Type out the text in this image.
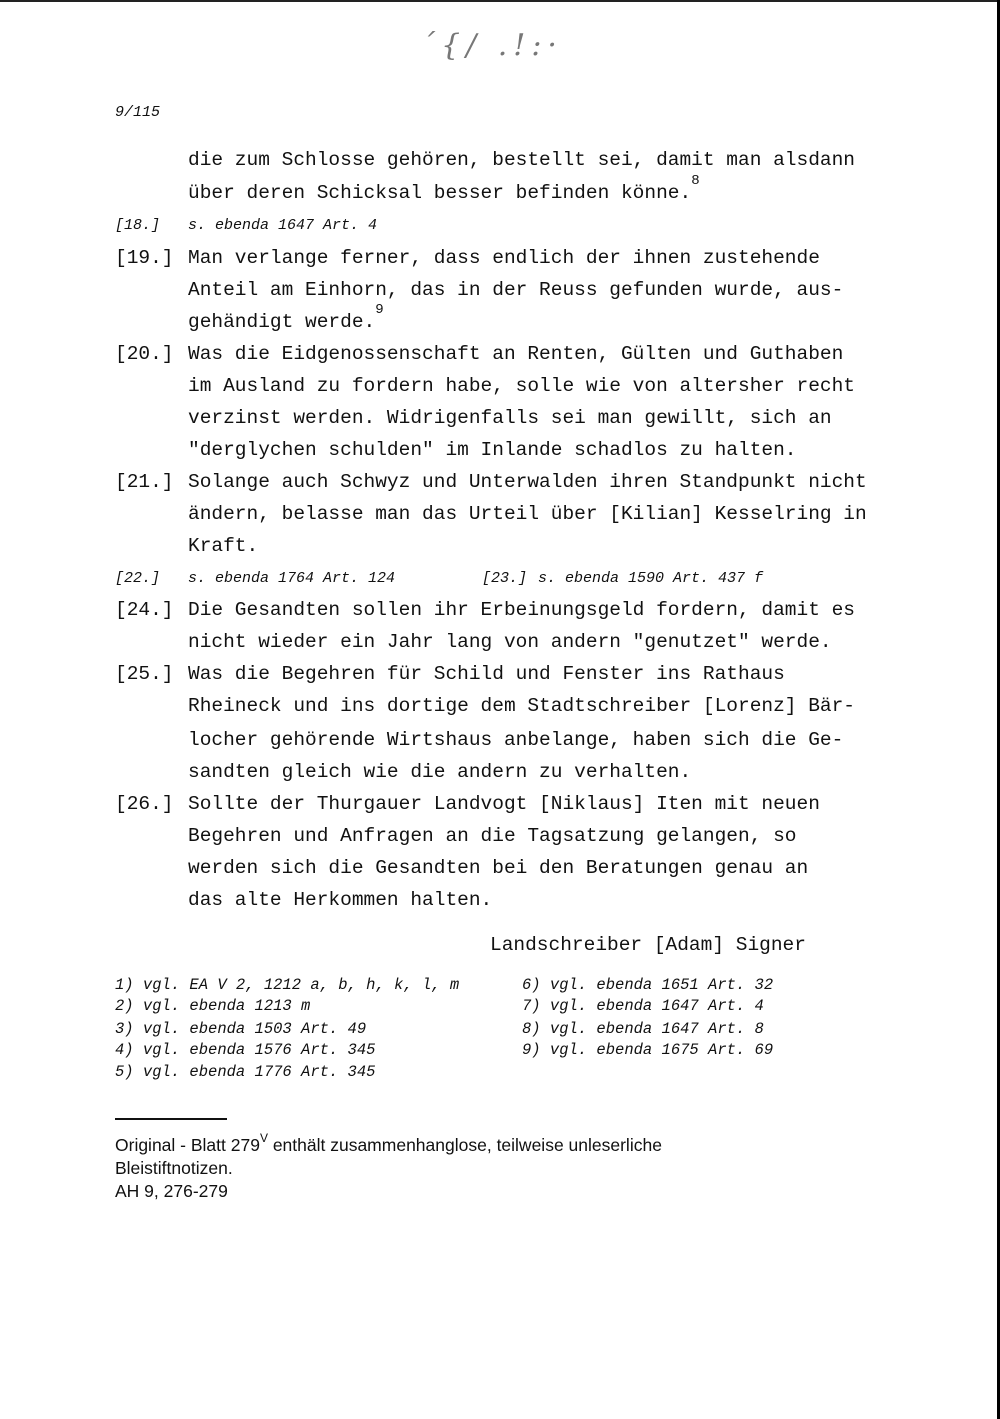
´{/ .!:·
9/115
die zum Schlosse gehören, bestellt sei, damit man alsdann
über deren Schicksal besser befinden könne.$^8$
[18.] s. ebenda 1647 Art. 4
[19.] Man verlange ferner, dass endlich der ihnen zustehende
Anteil am Einhorn, das in der Reuss gefunden wurde, aus-
gehändigt werde.$^9$
[20.] Was die Eidgenossenschaft an Renten, Gülten und Guthaben
im Ausland zu fordern habe, solle wie von altersher recht
verzinst werden. Widrigenfalls sei man gewillt, sich an
"derglychen schulden" im Inlande schadlos zu halten.
[21.] Solange auch Schwyz und Unterwalden ihren Standpunkt nicht
ändern, belasse man das Urteil über [Kilian] Kesselring in
Kraft.
[22.] s. ebenda 1764 Art. 124	[23.] s. ebenda 1590 Art. 437 f
[24.] Die Gesandten sollen ihr Erbeinungsgeld fordern, damit es
nicht wieder ein Jahr lang von andern "genutzet" werde.
[25.] Was die Begehren für Schild und Fenster ins Rathaus
Rheineck und ins dortige dem Stadtschreiber [Lorenz] Bär-
locher gehörende Wirtshaus anbelange, haben sich die Ge-
sandten gleich wie die andern zu verhalten.
[26.] Sollte der Thurgauer Landvogt [Niklaus] Iten mit neuen
Begehren und Anfragen an die Tagsatzung gelangen, so
werden sich die Gesandten bei den Beratungen genau an
das alte Herkommen halten.
Landschreiber [Adam] Signer
1) vgl. EA V 2, 1212 a, b, h, k, l, m
2) vgl. ebenda 1213 m
3) vgl. ebenda 1503 Art. 49
4) vgl. ebenda 1576 Art. 345
5) vgl. ebenda 1776 Art. 345
6) vgl. ebenda 1651 Art. 32
7) vgl. ebenda 1647 Art. 4
8) vgl. ebenda 1647 Art. 8
9) vgl. ebenda 1675 Art. 69
Original - Blatt $279^V$ enthält zusammenhanglose, teilweise unleserliche
Bleistiftnotizen.
AH 9, 276-279
